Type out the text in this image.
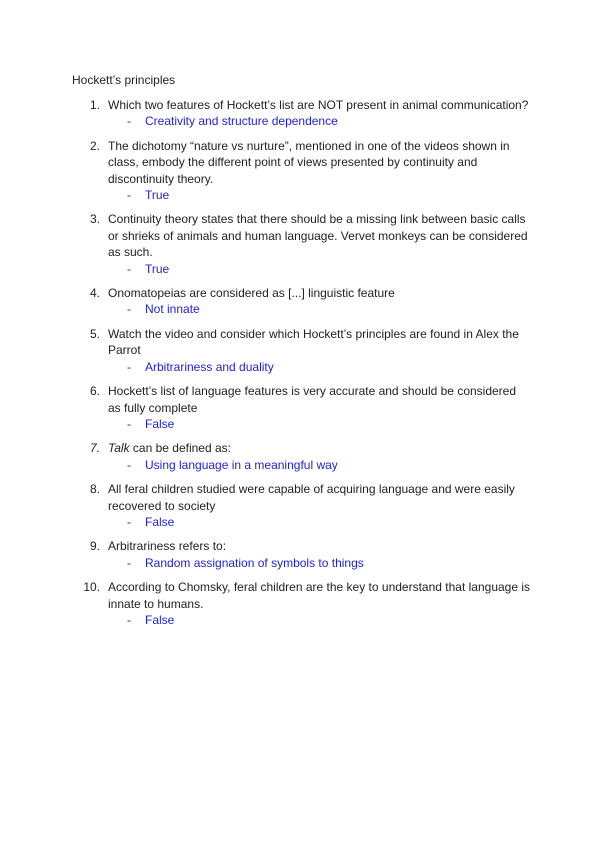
Hockett’s principles
1. Which two features of Hockett’s list are NOT present in animal communication?
- Creativity and structure dependence
2. The dichotomy “nature vs nurture”, mentioned in one of the videos shown in class, embody the different point of views presented by continuity and discontinuity theory.
- True
3. Continuity theory states that there should be a missing link between basic calls or shrieks of animals and human language. Vervet monkeys can be considered as such.
- True
4. Onomatopeias are considered as [...] linguistic feature
- Not innate
5. Watch the video and consider which Hockett’s principles are found in Alex the Parrot
- Arbitrariness and duality
6. Hockett’s list of language features is very accurate and should be considered as fully complete
- False
7. Talk can be defined as:
- Using language in a meaningful way
8. All feral children studied were capable of acquiring language and were easily recovered to society
- False
9. Arbitrariness refers to:
- Random assignation of symbols to things
10. According to Chomsky, feral children are the key to understand that language is innate to humans.
- False
